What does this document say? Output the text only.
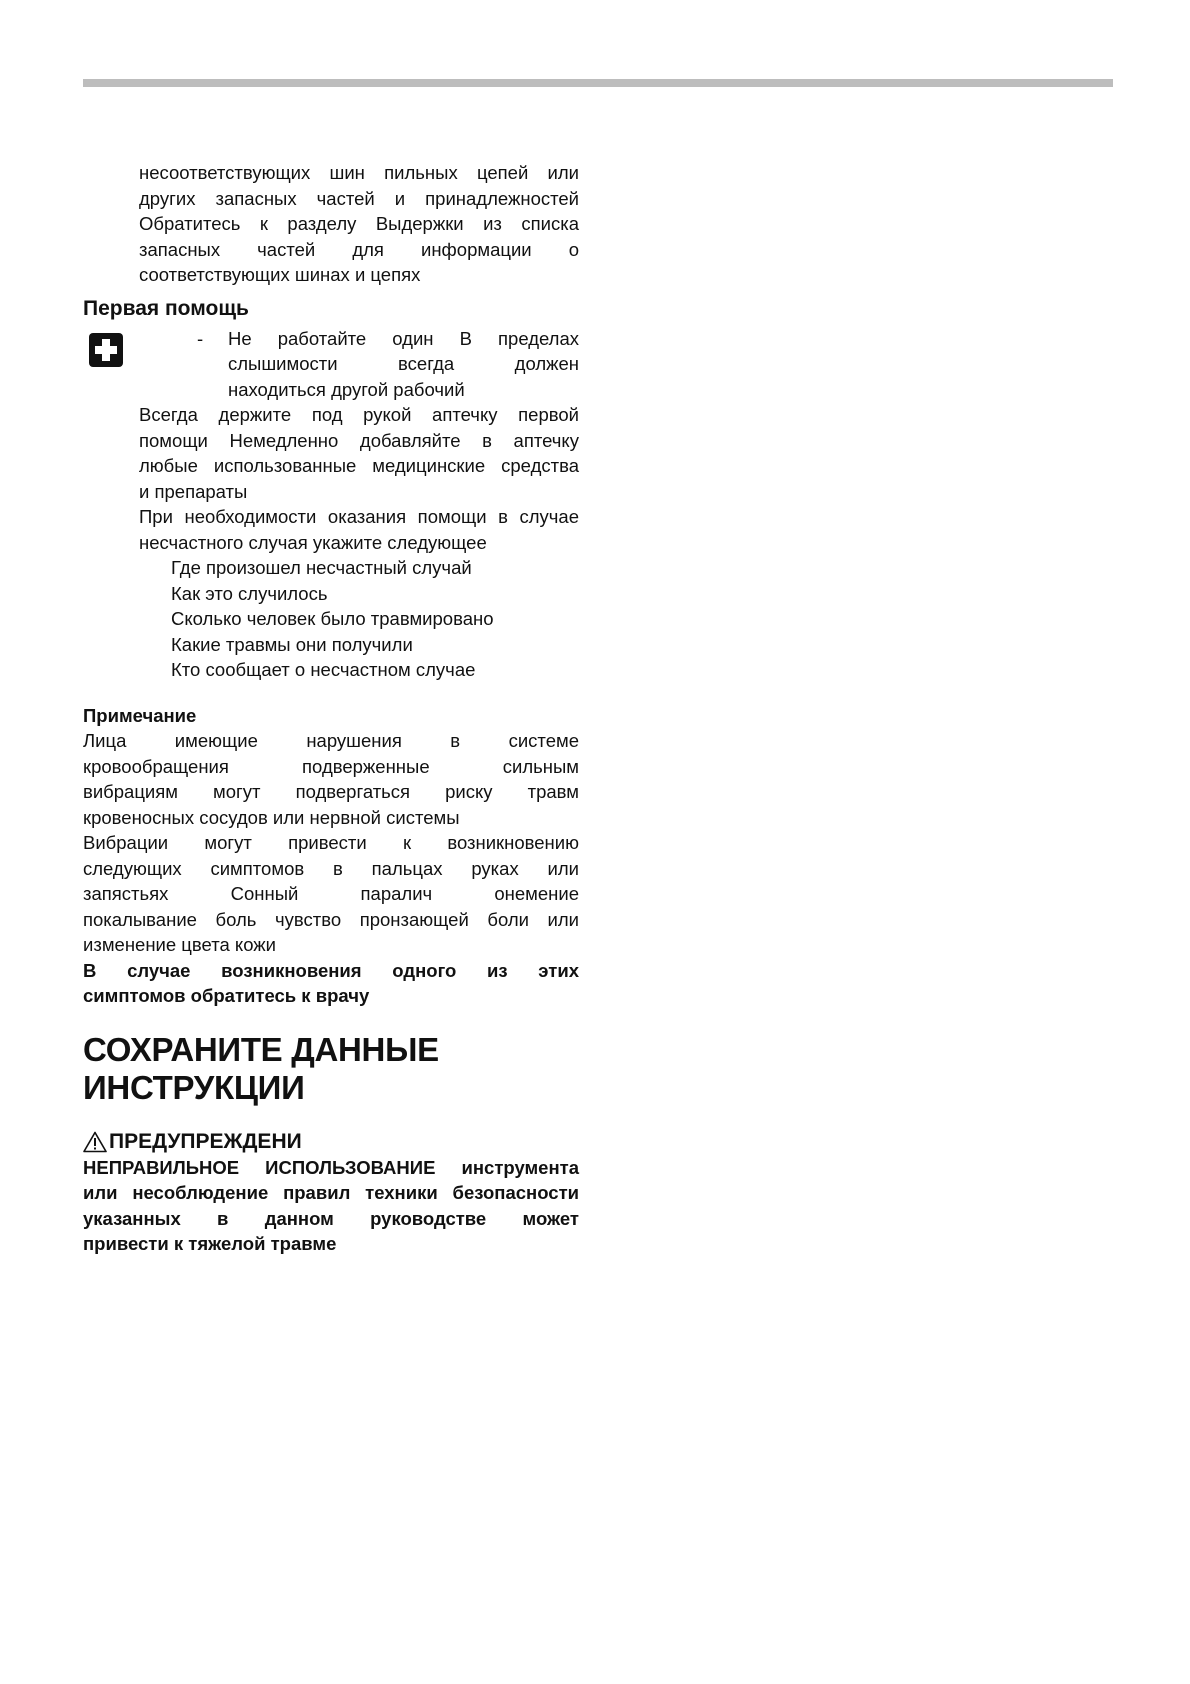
несоответствующих шин пильных цепей или
других запасных частей и принадлежностей
Обратитесь к разделу Выдержки из списка
запасных частей для информации о
соответствующих шинах и цепях
Первая помощь
- Не работайте один В пределах
слышимости всегда должен
находиться другой рабочий
Всегда держите под рукой аптечку первой
помощи Немедленно добавляйте в аптечку
любые использованные медицинские средства
и препараты
При необходимости оказания помощи в случае
несчастного случая укажите следующее
Где произошел несчастный случай
Как это случилось
Сколько человек было травмировано
Какие травмы они получили
Кто сообщает о несчастном случае
Примечание
Лица имеющие нарушения в системе
кровообращения подверженные сильным
вибрациям могут подвергаться риску травм
кровеносных сосудов или нервной системы
Вибрации могут привести к возникновению
следующих симптомов в пальцах руках или
запястьях Сонный паралич онемение
покалывание боль чувство пронзающей боли или
изменение цвета кожи
В случае возникновения одного из этих
симптомов обратитесь к врачу
СОХРАНИТЕ ДАННЫЕ
ИНСТРУКЦИИ
ПРЕДУПРЕЖДЕНИ
НЕПРАВИЛЬНОЕ ИСПОЛЬЗОВАНИЕ инструмента
или несоблюдение правил техники безопасности
указанных в данном руководстве может
привести к тяжелой травме
